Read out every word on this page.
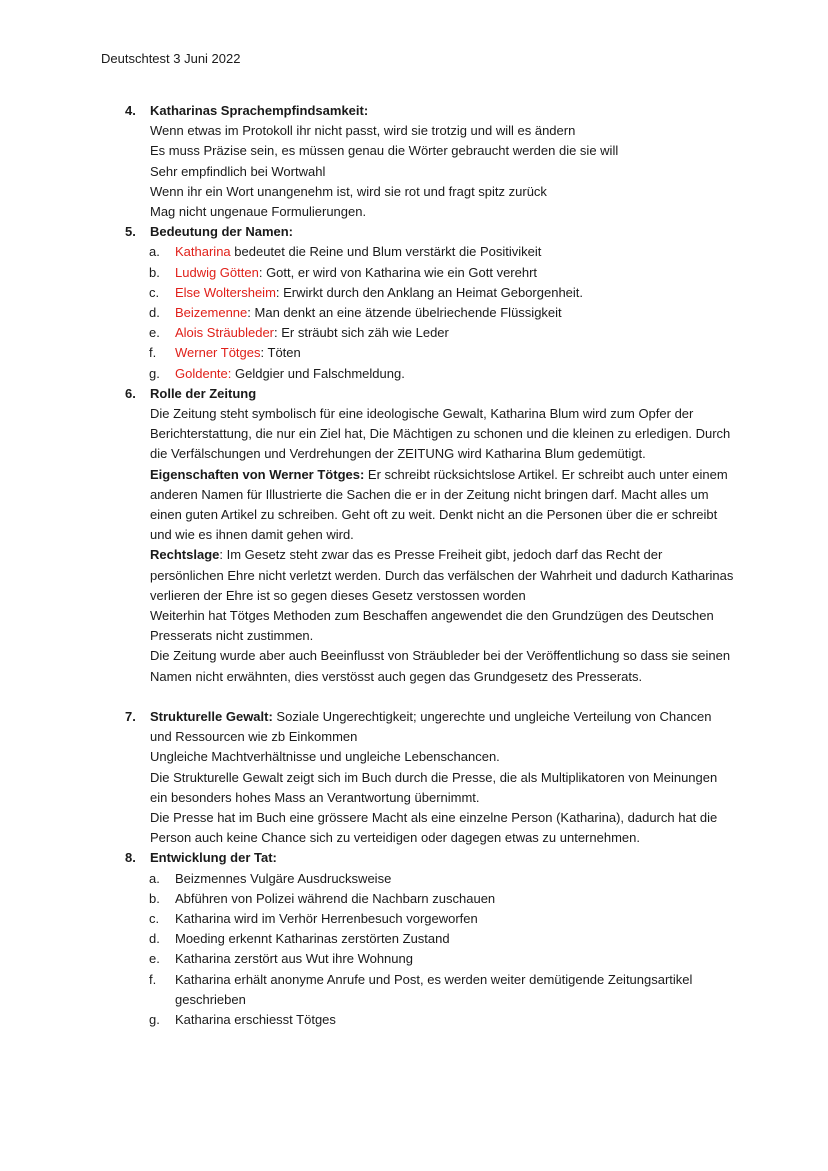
Deutschtest 3 Juni 2022
4. Katharinas Sprachempfindsamkeit:
Wenn etwas im Protokoll ihr nicht passt, wird sie trotzig und will es ändern
Es muss Präzise sein, es müssen genau die Wörter gebraucht werden die sie will
Sehr empfindlich bei Wortwahl
Wenn ihr ein Wort unangenehm ist, wird sie rot und fragt spitz zurück
Mag nicht ungenaue Formulierungen.
5. Bedeutung der Namen:
a. Katharina bedeutet die Reine und Blum verstärkt die Positivikeit
b. Ludwig Götten: Gott, er wird von Katharina wie ein Gott verehrt
c. Else Woltersheim: Erwirkt durch den Anklang an Heimat Geborgenheit.
d. Beizemenne: Man denkt an eine ätzende übelriechende Flüssigkeit
e. Alois Sträubleder: Er sträubt sich zäh wie Leder
f. Werner Tötges: Töten
g. Goldente: Geldgier und Falschmeldung.
6. Rolle der Zeitung
Die Zeitung steht symbolisch für eine ideologische Gewalt, Katharina Blum wird zum Opfer der Berichterstattung, die nur ein Ziel hat, Die Mächtigen zu schonen und die kleinen zu erledigen. Durch die Verfälschungen und Verdrehungen der ZEITUNG wird Katharina Blum gedemütigt.
Eigenschaften von Werner Tötges: Er schreibt rücksichtslose Artikel. Er schreibt auch unter einem anderen Namen für Illustrierte die Sachen die er in der Zeitung nicht bringen darf. Macht alles um einen guten Artikel zu schreiben. Geht oft zu weit. Denkt nicht an die Personen über die er schreibt und wie es ihnen damit gehen wird.
Rechtslage: Im Gesetz steht zwar das es Presse Freiheit gibt, jedoch darf das Recht der persönlichen Ehre nicht verletzt werden. Durch das verfälschen der Wahrheit und dadurch Katharinas verlieren der Ehre ist so gegen dieses Gesetz verstossen worden
Weiterhin hat Tötges Methoden zum Beschaffen angewendet die den Grundzügen des Deutschen Presserats nicht zustimmen.
Die Zeitung wurde aber auch Beeinflusst von Sträubleder bei der Veröffentlichung so dass sie seinen Namen nicht erwähnten, dies verstösst auch gegen das Grundgesetz des Presserats.
7. Strukturelle Gewalt: Soziale Ungerechtigkeit; ungerechte und ungleiche Verteilung von Chancen und Ressourcen wie zb Einkommen
Ungleiche Machtverhältnisse und ungleiche Lebenschancen.
Die Strukturelle Gewalt zeigt sich im Buch durch die Presse, die als Multiplikatoren von Meinungen ein besonders hohes Mass an Verantwortung übernimmt.
Die Presse hat im Buch eine grössere Macht als eine einzelne Person (Katharina), dadurch hat die Person auch keine Chance sich zu verteidigen oder dagegen etwas zu unternehmen.
8. Entwicklung der Tat:
a. Beizmennes Vulgäre Ausdrucksweise
b. Abführen von Polizei während die Nachbarn zuschauen
c. Katharina wird im Verhör Herrenbesuch vorgeworfen
d. Moeding erkennt Katharinas zerstörten Zustand
e. Katharina zerstört aus Wut ihre Wohnung
f. Katharina erhält anonyme Anrufe und Post, es werden weiter demütigende Zeitungsartikel geschrieben
g. Katharina erschiesst Tötges
